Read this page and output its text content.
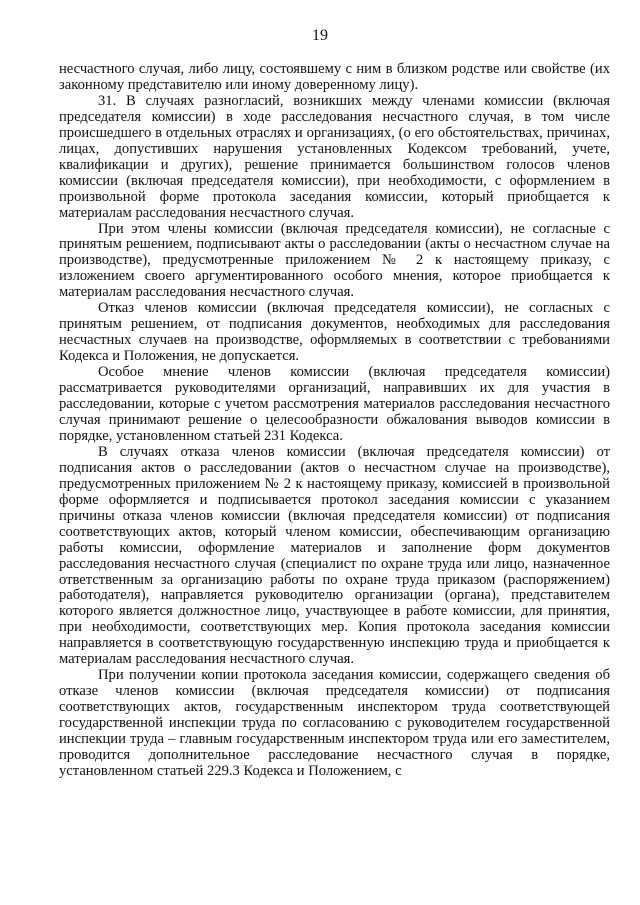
19

несчастного случая, либо лицу, состоявшему с ним в близком родстве или свойстве (их законному представителю или иному доверенному лицу).

31. В случаях разногласий, возникших между членами комиссии (включая председателя комиссии) в ходе расследования несчастного случая, в том числе происшедшего в отдельных отраслях и организациях, (о его обстоятельствах, причинах, лицах, допустивших нарушения установленных Кодексом требований, учете, квалификации и других), решение принимается большинством голосов членов комиссии (включая председателя комиссии), при необходимости, с оформлением в произвольной форме протокола заседания комиссии, который приобщается к материалам расследования несчастного случая.

При этом члены комиссии (включая председателя комиссии), не согласные с принятым решением, подписывают акты о расследовании (акты о несчастном случае на производстве), предусмотренные приложением № 2 к настоящему приказу, с изложением своего аргументированного особого мнения, которое приобщается к материалам расследования несчастного случая.

Отказ членов комиссии (включая председателя комиссии), не согласных с принятым решением, от подписания документов, необходимых для расследования несчастных случаев на производстве, оформляемых в соответствии с требованиями Кодекса и Положения, не допускается.

Особое мнение членов комиссии (включая председателя комиссии) рассматривается руководителями организаций, направивших их для участия в расследовании, которые с учетом рассмотрения материалов расследования несчастного случая принимают решение о целесообразности обжалования выводов комиссии в порядке, установленном статьей 231 Кодекса.

В случаях отказа членов комиссии (включая председателя комиссии) от подписания актов о расследовании (актов о несчастном случае на производстве), предусмотренных приложением № 2 к настоящему приказу, комиссией в произвольной форме оформляется и подписывается протокол заседания комиссии с указанием причины отказа членов комиссии (включая председателя комиссии) от подписания соответствующих актов, который членом комиссии, обеспечивающим организацию работы комиссии, оформление материалов и заполнение форм документов расследования несчастного случая (специалист по охране труда или лицо, назначенное ответственным за организацию работы по охране труда приказом (распоряжением) работодателя), направляется руководителю организации (органа), представителем которого является должностное лицо, участвующее в работе комиссии, для принятия, при необходимости, соответствующих мер. Копия протокола заседания комиссии направляется в соответствующую государственную инспекцию труда и приобщается к материалам расследования несчастного случая.

При получении копии протокола заседания комиссии, содержащего сведения об отказе членов комиссии (включая председателя комиссии) от подписания соответствующих актов, государственным инспектором труда соответствующей государственной инспекции труда по согласованию с руководителем государственной инспекции труда – главным государственным инспектором труда или его заместителем, проводится дополнительное расследование несчастного случая в порядке, установленном статьей 229.3 Кодекса и Положением, с
